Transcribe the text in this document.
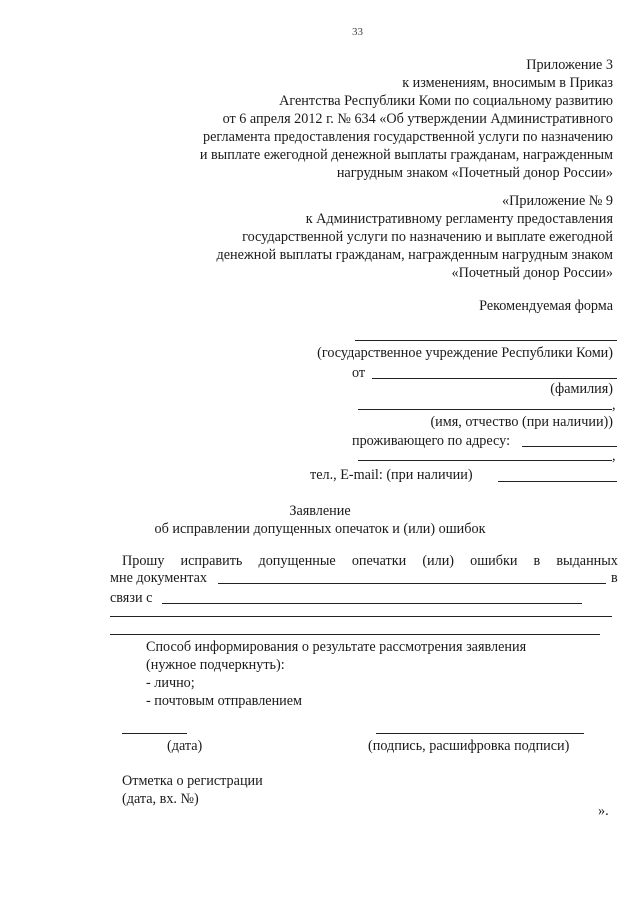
33
Приложение 3
к изменениям, вносимым в Приказ
Агентства Республики Коми по социальному развитию
от 6 апреля 2012 г. № 634 «Об утверждении Административного
регламента предоставления государственной услуги по назначению
и выплате ежегодной денежной выплаты гражданам, награжденным
нагрудным знаком «Почетный донор России»
«Приложение № 9
к Административному регламенту предоставления
государственной услуги по назначению и выплате ежегодной
денежной выплаты гражданам, награжденным нагрудным знаком
«Почетный донор России»
Рекомендуемая форма
(государственное учреждение Республики Коми)
от
(фамилия)
,
(имя, отчество (при наличии))
проживающего по адресу:
,
тел., E-mail: (при наличии)
Заявление
об исправлении допущенных опечаток и (или) ошибок
Прошу исправить допущенные опечатки (или) ошибки в выданных
мне документах	в
связи с
Способ информирования о результате рассмотрения заявления
(нужное подчеркнуть):
- лично;
- почтовым отправлением
(дата)	(подпись, расшифровка подписи)
Отметка о регистрации
(дата, вх. №)
».
